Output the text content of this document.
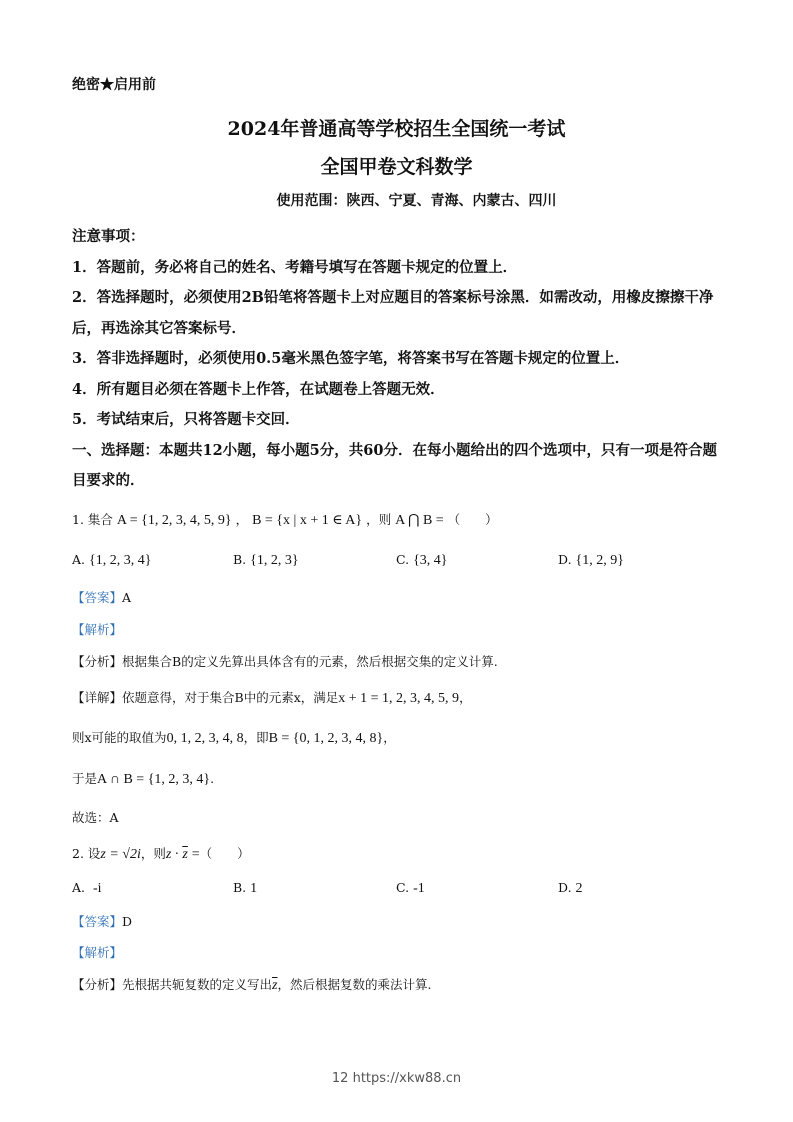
绝密★启用前
2024年普通高等学校招生全国统一考试
全国甲卷文科数学
使用范围：陕西、宁夏、青海、内蒙古、四川

注意事项：

1．答题前，务必将自己的姓名、考籍号填写在答题卡规定的位置上．

2．答选择题时，必须使用2B铅笔将答题卡上对应题目的答案标号涂黑．如需改动，用橡皮擦擦干净后，再选涂其它答案标号．

3．答非选择题时，必须使用0.5毫米黑色签字笔，将答案书写在答题卡规定的位置上．

4．所有题目必须在答题卡上作答，在试题卷上答题无效．

5．考试结束后，只将答题卡交回．

一、选择题：本题共12小题，每小题5分，共60分．在每小题给出的四个选项中，只有一项是符合题目要求的．

1. 集合 A = {1, 2, 3, 4, 5, 9} ， B = {x | x + 1 ∈ A} ，则 A ⋂ B = （　　）
A. {1, 2, 3, 4}	B. {1, 2, 3}	C. {3, 4}	D. {1, 2, 9}
【答案】A
【解析】
【分析】根据集合B的定义先算出具体含有的元素，然后根据交集的定义计算.
【详解】依题意得，对于集合B中的元素x，满足x + 1 = 1, 2, 3, 4, 5, 9，
则x可能的取值为0, 1, 2, 3, 4, 8，即B = {0, 1, 2, 3, 4, 8}，
于是A ∩ B = {1, 2, 3, 4}.
故选：A
2. 设z = √2i，则$z \cdot \overline{z}$ =（　　）
A. -i	B. 1	C. -1	D. 2
【答案】D
【解析】
【分析】先根据共轭复数的定义写出$\overline{z}$，然后根据复数的乘法计算.
12 https://xkw88.cn
